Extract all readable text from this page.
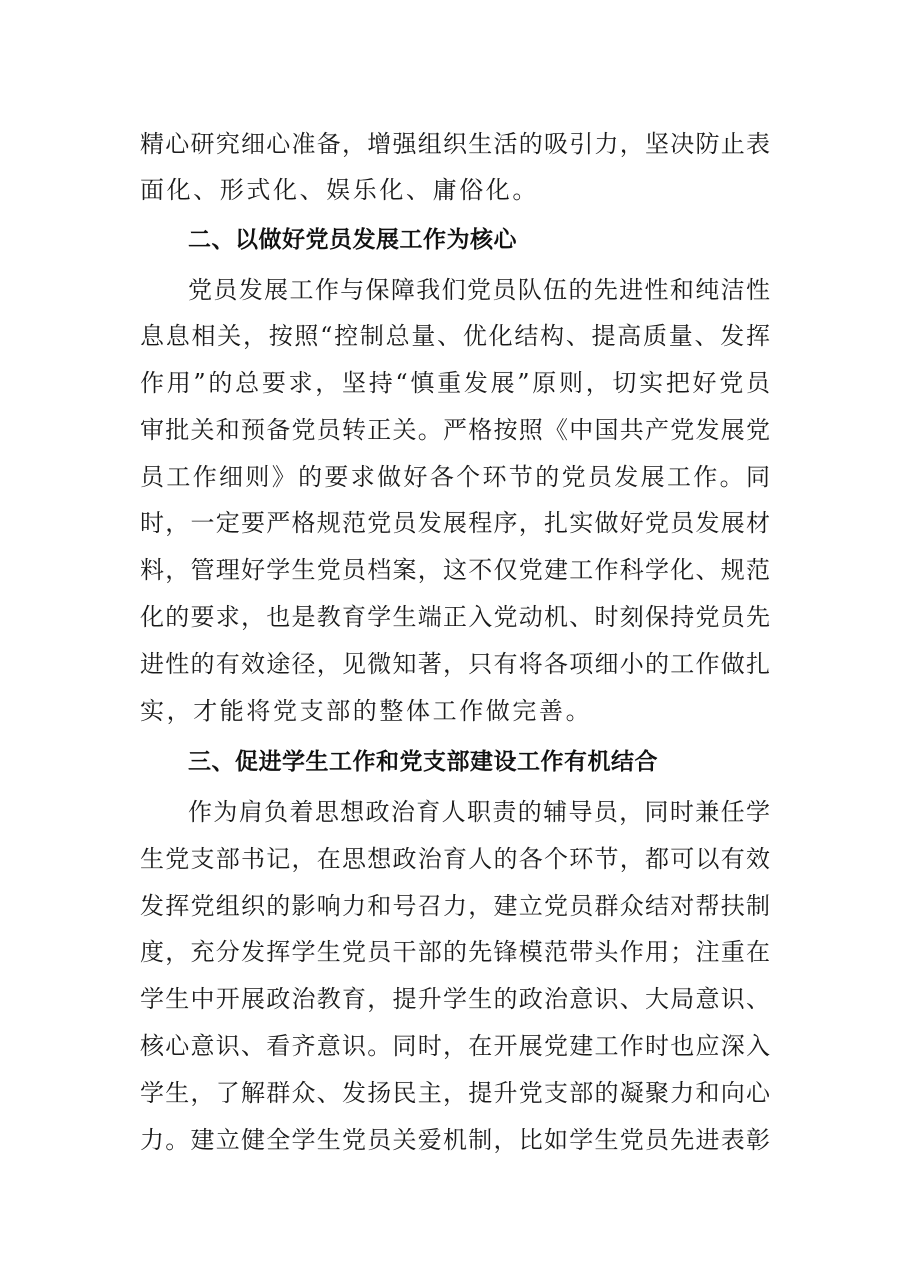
精心研究细心准备，增强组织生活的吸引力，坚决防止表
面化、形式化、娱乐化、庸俗化。
二、以做好党员发展工作为核心
党员发展工作与保障我们党员队伍的先进性和纯洁性
息息相关，按照“控制总量、优化结构、提高质量、发挥
作用”的总要求，坚持“慎重发展”原则，切实把好党员
审批关和预备党员转正关。严格按照《中国共产党发展党
员工作细则》的要求做好各个环节的党员发展工作。同
时，一定要严格规范党员发展程序，扎实做好党员发展材
料，管理好学生党员档案，这不仅党建工作科学化、规范
化的要求，也是教育学生端正入党动机、时刻保持党员先
进性的有效途径，见微知著，只有将各项细小的工作做扎
实，才能将党支部的整体工作做完善。
三、促进学生工作和党支部建设工作有机结合
作为肩负着思想政治育人职责的辅导员，同时兼任学
生党支部书记，在思想政治育人的各个环节，都可以有效
发挥党组织的影响力和号召力，建立党员群众结对帮扶制
度，充分发挥学生党员干部的先锋模范带头作用；注重在
学生中开展政治教育，提升学生的政治意识、大局意识、
核心意识、看齐意识。同时，在开展党建工作时也应深入
学生，了解群众、发扬民主，提升党支部的凝聚力和向心
力。建立健全学生党员关爱机制，比如学生党员先进表彰
